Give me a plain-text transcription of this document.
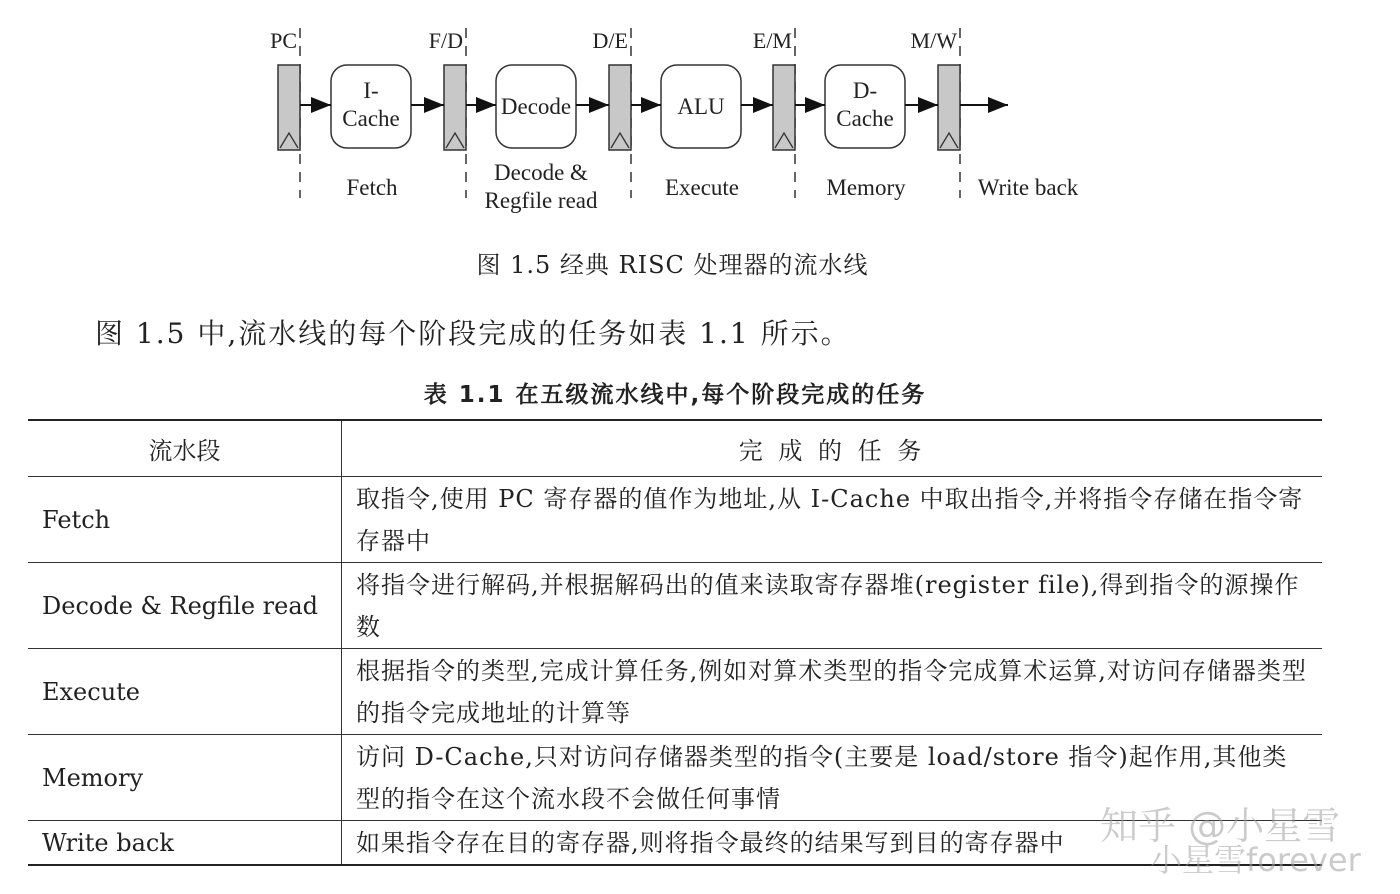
PC	F/D	D/E	E/M	M/W
I-
Cache	Decode	ALU
D-
Cache
Fetch
Decode &
Regfile read
Execute	Memory	Write back
图 1.5 经典 RISC 处理器的流水线
图 1.5 中,流水线的每个阶段完成的任务如表 1.1 所示。
表 1.1 在五级流水线中,每个阶段完成的任务
流水段	完 成 的 任 务
Fetch	取指令,使用 PC 寄存器的值作为地址,从 I-Cache 中取出指令,并将指令存储在指令寄存器中
Decode & Regfile read	将指令进行解码,并根据解码出的值来读取寄存器堆(register file),得到指令的源操作数
Execute	根据指令的类型,完成计算任务,例如对算术类型的指令完成算术运算,对访问存储器类型的指令完成地址的计算等
Memory	访问 D-Cache,只对访问存储器类型的指令(主要是 load/store 指令)起作用,其他类型的指令在这个流水段不会做任何事情
Write back	如果指令存在目的寄存器,则将指令最终的结果写到目的寄存器中 知乎 @小星雪
小星雪forever
